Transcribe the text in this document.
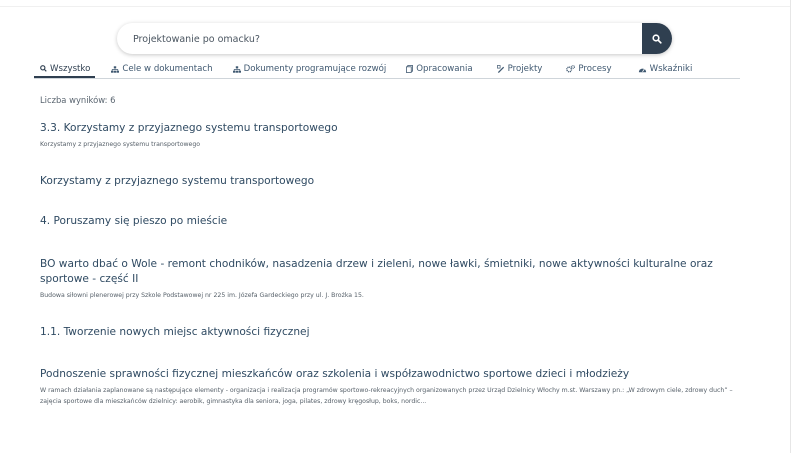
Projektowanie po omacku?
Wszystko	Cele w dokumentach	Dokumenty programujące rozwój	Opracowania	Projekty	Procesy	Wskaźniki
Liczba wyników: 6
3.3. Korzystamy z przyjaznego systemu transportowego
Korzystamy z przyjaznego systemu transportowego
Korzystamy z przyjaznego systemu transportowego
4. Poruszamy się pieszo po mieście
BO warto dbać o Wole - remont chodników, nasadzenia drzew i zieleni, nowe ławki, śmietniki, nowe aktywności kulturalne oraz sportowe - część II
Budowa siłowni plenerowej przy Szkole Podstawowej nr 225 im. Józefa Gardeckiego przy ul. J. Brożka 15.
1.1. Tworzenie nowych miejsc aktywności fizycznej
Podnoszenie sprawności fizycznej mieszkańców oraz szkolenia i współzawodnictwo sportowe dzieci i młodzieży
W ramach działania zaplanowane są następujące elementy - organizacja i realizacja programów sportowo-rekreacyjnych organizowanych przez Urząd Dzielnicy Włochy m.st. Warszawy pn.: „W zdrowym ciele, zdrowy duch” – zajęcia sportowe dla mieszkańców dzielnicy: aerobik, gimnastyka dla seniora, joga, pilates, zdrowy kręgosłup, boks, nordic...
